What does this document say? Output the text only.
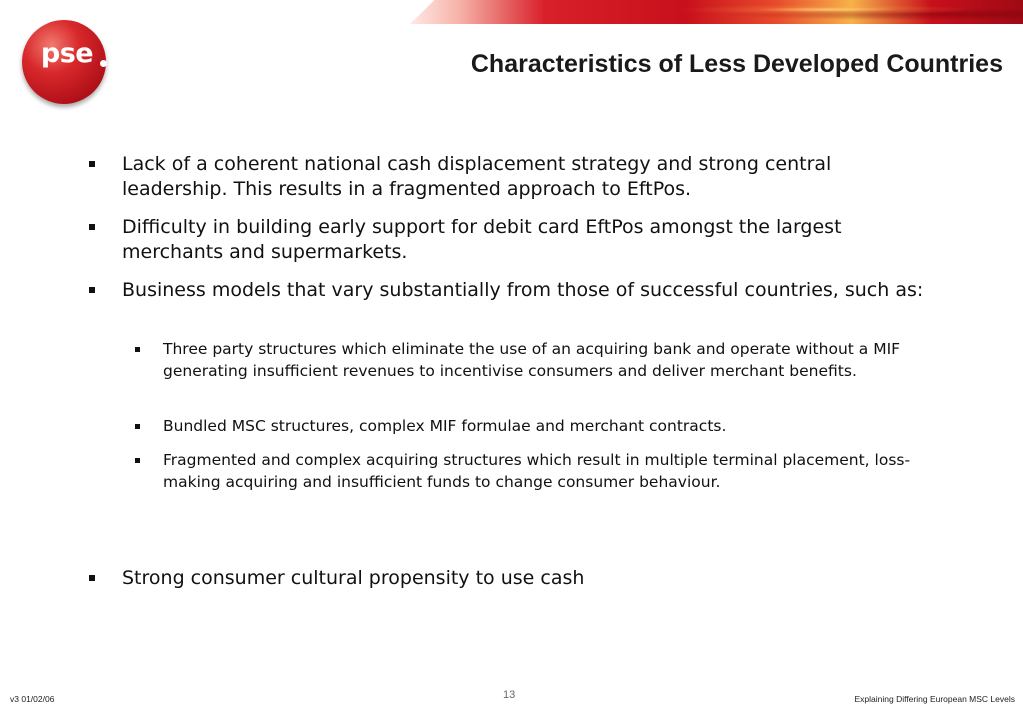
pse	Characteristics of Less Developed Countries
Lack of a coherent national cash displacement strategy and strong central leadership. This results in a fragmented approach to EftPos.
Difficulty in building early support for debit card EftPos amongst the largest merchants and supermarkets.
Business models that vary substantially from those of successful countries, such as:
Three party structures which eliminate the use of an acquiring bank and operate without a MIF generating insufficient revenues to incentivise consumers and deliver merchant benefits.
Bundled MSC structures, complex MIF formulae and merchant contracts.
Fragmented and complex acquiring structures which result in multiple terminal placement, loss-making acquiring and insufficient funds to change consumer behaviour.
Strong consumer cultural propensity to use cash
v3 01/02/06	13	Explaining Differing European MSC Levels
